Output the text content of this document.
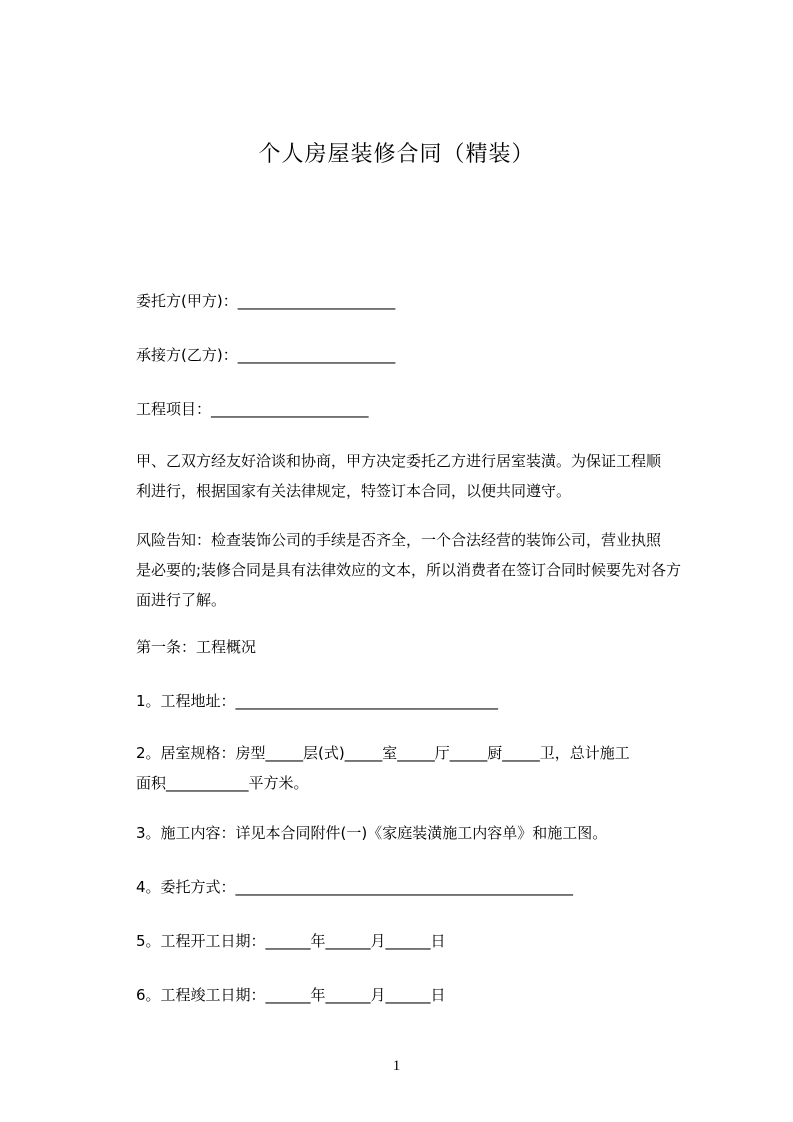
个人房屋装修合同（精装）
委托方(甲方)：_____________________
承接方(乙方)：_____________________
工程项目：_____________________
甲、乙双方经友好洽谈和协商，甲方决定委托乙方进行居室装潢。为保证工程顺
利进行，根据国家有关法律规定，特签订本合同，以便共同遵守。
风险告知：检查装饰公司的手续是否齐全，一个合法经营的装饰公司，营业执照
是必要的;装修合同是具有法律效应的文本，所以消费者在签订合同时候要先对各方
面进行了解。
第一条：工程概况
1。工程地址：___________________________________
2。居室规格：房型_____层(式)_____室_____厅_____厨_____卫，总计施工
面积___________平方米。
3。施工内容：详见本合同附件(一)《家庭装潢施工内容单》和施工图。
4。委托方式：_____________________________________________
5。工程开工日期：______年______月______日
6。工程竣工日期：______年______月______日
1
